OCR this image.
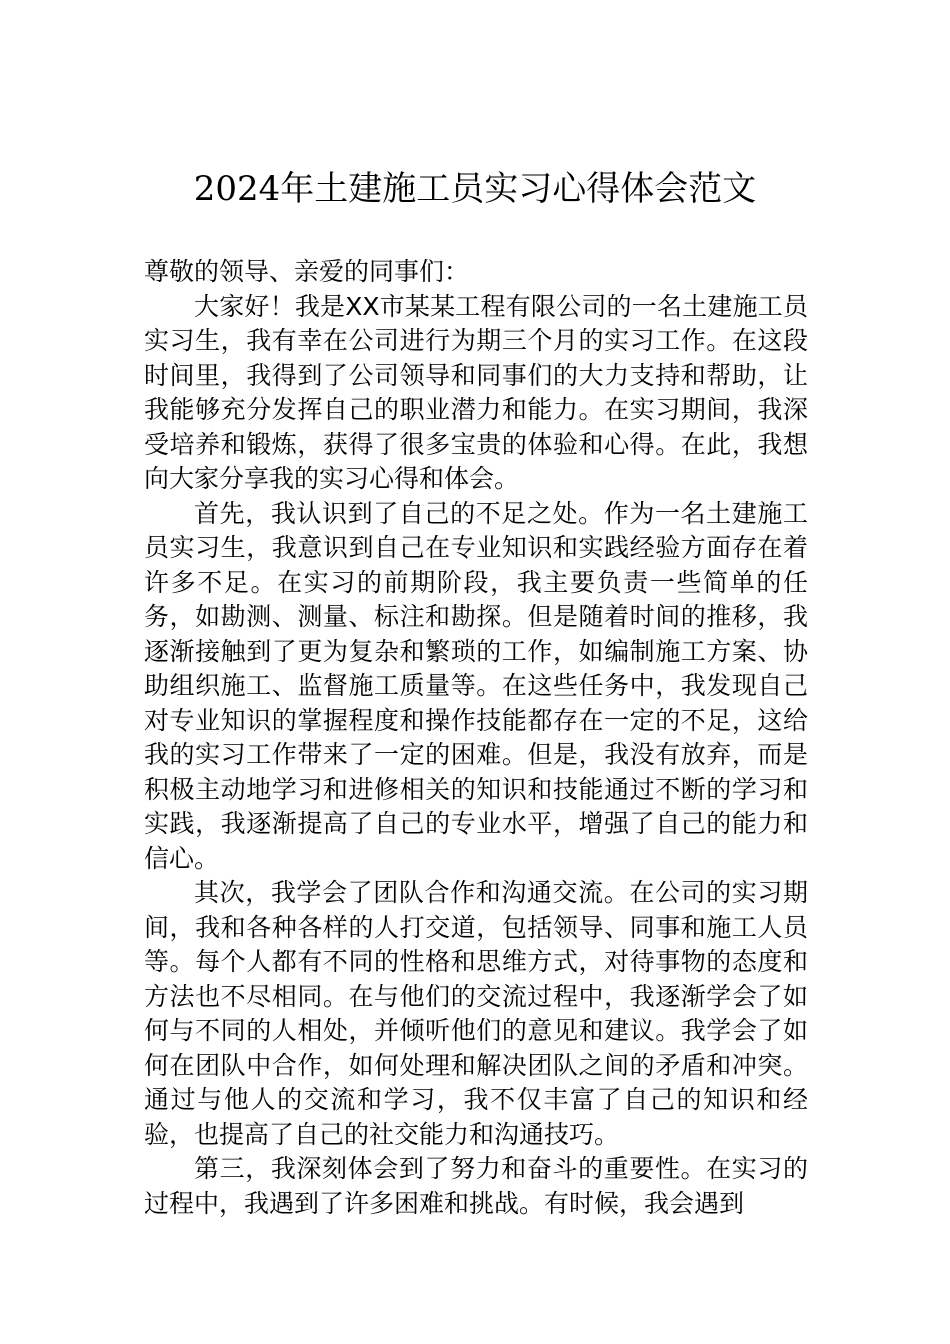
2024年土建施工员实习心得体会范文

尊敬的领导、亲爱的同事们：

大家好！我是XX市某某工程有限公司的一名土建施工员实习生，我有幸在公司进行为期三个月的实习工作。在这段时间里，我得到了公司领导和同事们的大力支持和帮助，让我能够充分发挥自己的职业潜力和能力。在实习期间，我深受培养和锻炼，获得了很多宝贵的体验和心得。在此，我想向大家分享我的实习心得和体会。

首先，我认识到了自己的不足之处。作为一名土建施工员实习生，我意识到自己在专业知识和实践经验方面存在着许多不足。在实习的前期阶段，我主要负责一些简单的任务，如勘测、测量、标注和勘探。但是随着时间的推移，我逐渐接触到了更为复杂和繁琐的工作，如编制施工方案、协助组织施工、监督施工质量等。在这些任务中，我发现自己对专业知识的掌握程度和操作技能都存在一定的不足，这给我的实习工作带来了一定的困难。但是，我没有放弃，而是积极主动地学习和进修相关的知识和技能通过不断的学习和实践，我逐渐提高了自己的专业水平，增强了自己的能力和信心。

其次，我学会了团队合作和沟通交流。在公司的实习期间，我和各种各样的人打交道，包括领导、同事和施工人员等。每个人都有不同的性格和思维方式，对待事物的态度和方法也不尽相同。在与他们的交流过程中，我逐渐学会了如何与不同的人相处，并倾听他们的意见和建议。我学会了如何在团队中合作，如何处理和解决团队之间的矛盾和冲突。通过与他人的交流和学习，我不仅丰富了自己的知识和经验，也提高了自己的社交能力和沟通技巧。

第三，我深刻体会到了努力和奋斗的重要性。在实习的过程中，我遇到了许多困难和挑战。有时候，我会遇到
